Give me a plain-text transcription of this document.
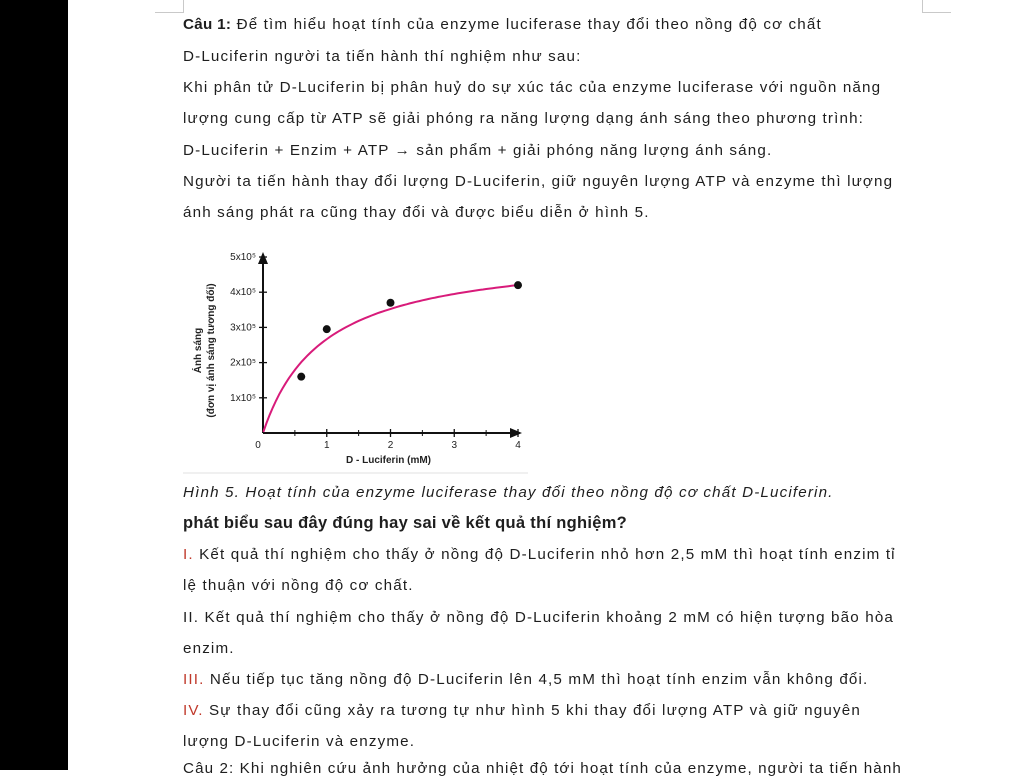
Câu 1: Để tìm hiểu hoạt tính của enzyme luciferase thay đổi theo nồng độ cơ chất
D-Luciferin người ta tiến hành thí nghiệm như sau:
Khi phân tử D-Luciferin bị phân huỷ do sự xúc tác của enzyme luciferase với nguồn năng
lượng cung cấp từ ATP sẽ giải phóng ra năng lượng dạng ánh sáng theo phương trình:
D-Luciferin + Enzim + ATP → sản phẩm + giải phóng năng lượng ánh sáng.
Người ta tiến hành thay đổi lượng D-Luciferin, giữ nguyên lượng ATP và enzyme thì lượng
ánh sáng phát ra cũng thay đổi và được biểu diễn ở hình 5.
0	1	2	3	4
1x10⁵
2x10⁵
3x10⁵
4x10⁵
5x10⁵
D - Luciferin (mM)
Ánh sáng (đơn vị ánh sáng tương đối)
Hình 5. Hoạt tính của enzyme luciferase thay đổi theo nồng độ cơ chất D-Luciferin.
phát biểu sau đây đúng hay sai về kết quả thí nghiệm?
I. Kết quả thí nghiệm cho thấy ở nồng độ D-Luciferin nhỏ hơn 2,5 mM thì hoạt tính enzim tỉ
lệ thuận với nồng độ cơ chất.
II. Kết quả thí nghiệm cho thấy ở nồng độ D-Luciferin khoảng 2 mM có hiện tượng bão hòa
enzim.
III. Nếu tiếp tục tăng nồng độ D-Luciferin lên 4,5 mM thì hoạt tính enzim vẫn không đổi.
IV. Sự thay đổi cũng xảy ra tương tự như hình 5 khi thay đổi lượng ATP và giữ nguyên
lượng D-Luciferin và enzyme.
Câu 2: Khi nghiên cứu ảnh hưởng của nhiệt độ tới hoạt tính của enzyme, người ta tiến hành
